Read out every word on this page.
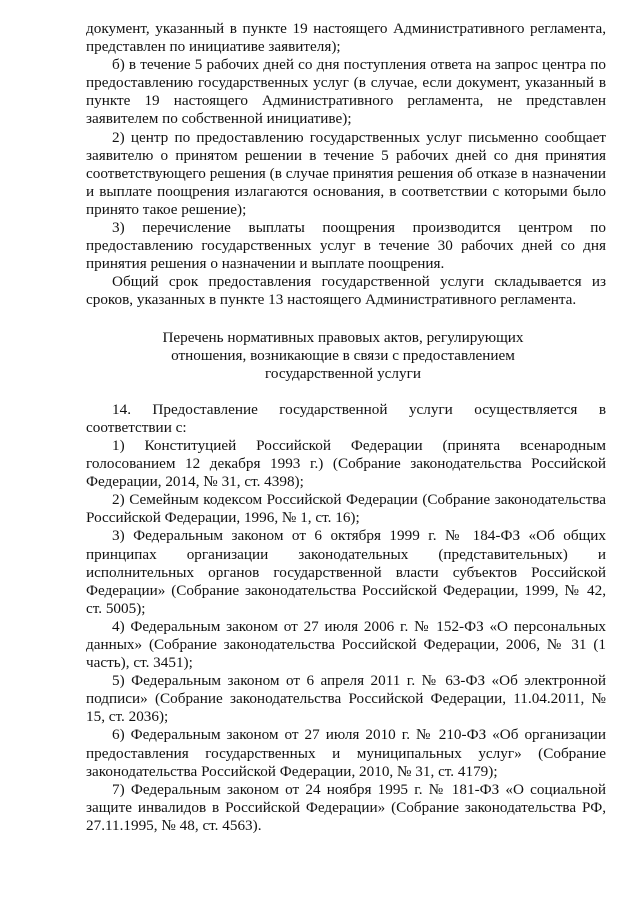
документ, указанный в пункте 19 настоящего Административного регламента, представлен по инициативе заявителя);

б) в течение 5 рабочих дней со дня поступления ответа на запрос центра по предоставлению государственных услуг (в случае, если документ, указанный в пункте 19 настоящего Административного регламента, не представлен заявителем по собственной инициативе);

2) центр по предоставлению государственных услуг письменно сообщает заявителю о принятом решении в течение 5 рабочих дней со дня принятия соответствующего решения (в случае принятия решения об отказе в назначении и выплате поощрения излагаются основания, в соответствии с которыми было принято такое решение);

3) перечисление выплаты поощрения производится центром по предоставлению государственных услуг в течение 30 рабочих дней со дня принятия решения о назначении и выплате поощрения.

Общий срок предоставления государственной услуги складывается из сроков, указанных в пункте 13 настоящего Административного регламента.

Перечень нормативных правовых актов, регулирующих
отношения, возникающие в связи с предоставлением
государственной услуги

14. Предоставление государственной услуги осуществляется в соответствии с:

1) Конституцией Российской Федерации (принята всенародным голосованием 12 декабря 1993 г.) (Собрание законодательства Российской Федерации, 2014, № 31, ст. 4398);

2) Семейным кодексом Российской Федерации (Собрание законодательства Российской Федерации, 1996, № 1, ст. 16);

3) Федеральным законом от 6 октября 1999 г. № 184-ФЗ «Об общих принципах организации законодательных (представительных) и исполнительных органов государственной власти субъектов Российской Федерации» (Собрание законодательства Российской Федерации, 1999, № 42, ст. 5005);

4) Федеральным законом от 27 июля 2006 г. № 152-ФЗ «О персональных данных» (Собрание законодательства Российской Федерации, 2006, № 31 (1 часть), ст. 3451);

5) Федеральным законом от 6 апреля 2011 г. № 63-ФЗ «Об электронной подписи» (Собрание законодательства Российской Федерации, 11.04.2011, № 15, ст. 2036);

6) Федеральным законом от 27 июля 2010 г. № 210-ФЗ «Об организации предоставления государственных и муниципальных услуг» (Собрание законодательства Российской Федерации, 2010, № 31, ст. 4179);

7) Федеральным законом от 24 ноября 1995 г. № 181-ФЗ «О социальной защите инвалидов в Российской Федерации» (Собрание законодательства РФ, 27.11.1995, № 48, ст. 4563).
